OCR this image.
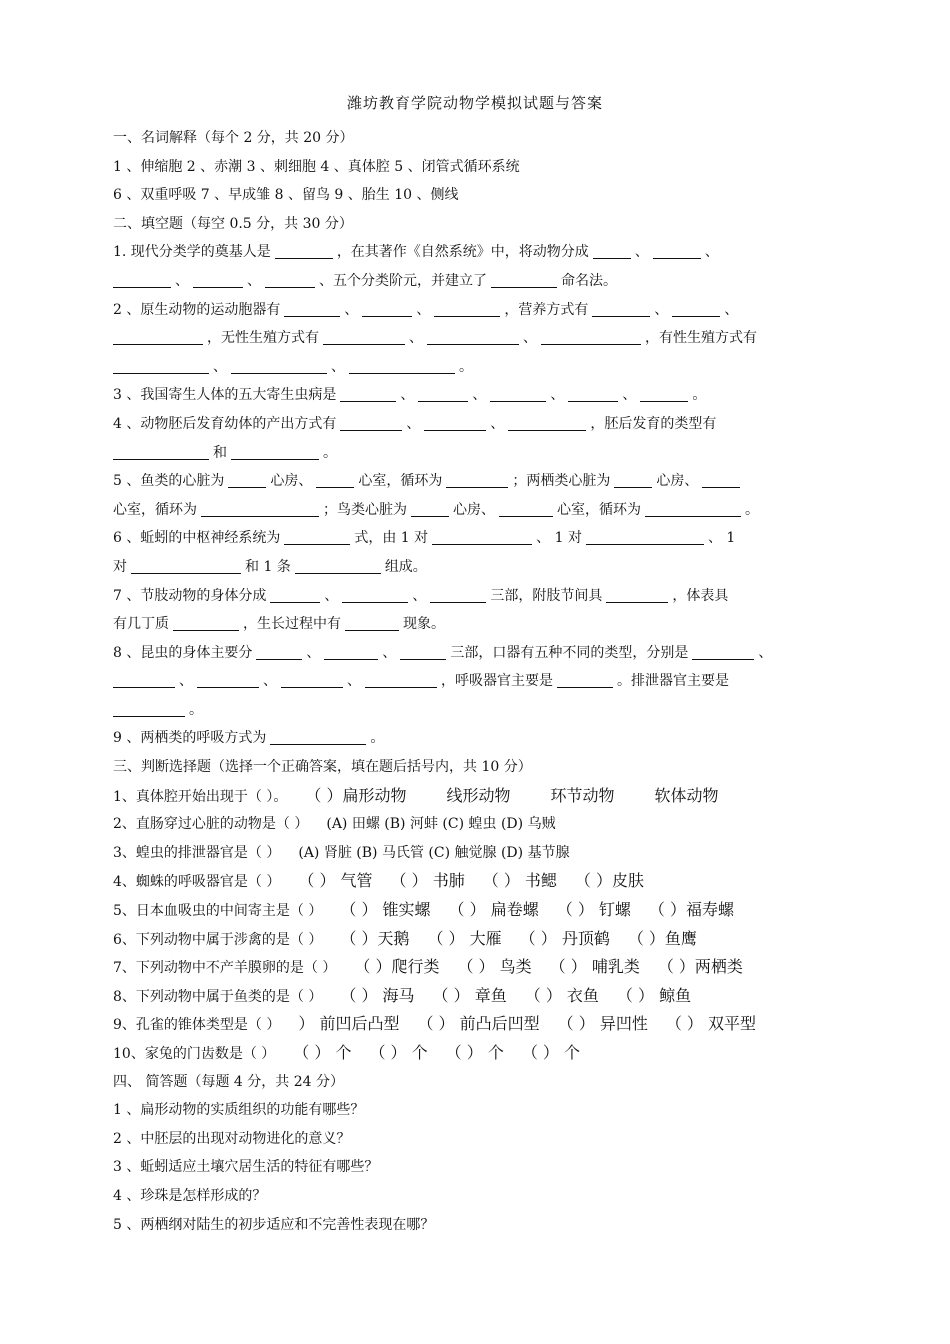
潍坊教育学院动物学模拟试题与答案
一、名词解释（每个 2 分，共 20 分）
1 、伸缩胞 2 、赤潮 3 、刺细胞 4 、真体腔 5 、闭管式循环系统
6 、双重呼吸 7 、早成雏 8 、留鸟 9 、胎生 10 、侧线
二、填空题（每空 0.5 分，共 30 分）
1. 现代分类学的奠基人是	，在其著作《自然系统》中，将动物分成	、	、
、	、	、五个分类阶元，并建立了	命名法。
2 、原生动物的运动胞器有	、	、	，营养方式有	、	、
，无性生殖方式有	、	、	，有性生殖方式有
、	、	。
3 、我国寄生人体的五大寄生虫病是	、	、	、	、	。
4 、动物胚后发育幼体的产出方式有	、	、	，胚后发育的类型有
和	。
5 、鱼类的心脏为	心房、	心室，循环为	；两栖类心脏为	心房、
心室，循环为	；鸟类心脏为	心房、	心室，循环为	。
6 、蚯蚓的中枢神经系统为	式，由 1 对	、 1 对	、 1
对	和 1 条	组成。
7 、节肢动物的身体分成	、	、	三部，附肢节间具	，体表具
有几丁质	，生长过程中有	现象。
8 、昆虫的身体主要分	、	、	三部，口器有五种不同的类型，分别是	、
、	、	、	，呼吸器官主要是	。排泄器官主要是
。
9 、两栖类的呼吸方式为	。
三、判断选择题（选择一个正确答案，填在题后括号内，共 10 分）
1、真体腔开始出现于（ ）。 （ ）扁形动物	线形动物	环节动物	软体动物
2、直肠穿过心脏的动物是（ ） (A) 田螺 (B) 河蚌 (C) 蝗虫 (D) 乌贼
3、蝗虫的排泄器官是（ ） (A) 肾脏 (B) 马氏管 (C) 触觉腺 (D) 基节腺
4、蜘蛛的呼吸器官是（ ） （ ） 气管 （ ） 书肺 （ ） 书鳃 （ ）皮肤
5、日本血吸虫的中间寄主是（ ） （ ） 锥实螺 （ ） 扁卷螺 （ ） 钉螺 （ ）福寿螺
6、下列动物中属于涉禽的是（ ） （ ）天鹅 （ ） 大雁 （ ） 丹顶鹤 （ ）鱼鹰
7、下列动物中不产羊膜卵的是（ ） （ ）爬行类 （ ） 鸟类 （ ） 哺乳类 （ ）两栖类
8、下列动物中属于鱼类的是（ ） （ ） 海马 （ ） 章鱼 （ ） 衣鱼 （ ） 鲸鱼
9、孔雀的锥体类型是（ ） ） 前凹后凸型 （ ） 前凸后凹型 （ ） 异凹性 （ ） 双平型
10、家兔的门齿数是（ ） （ ） 个 （ ） 个 （ ） 个 （ ） 个
四、 简答题（每题 4 分，共 24 分）
1 、扁形动物的实质组织的功能有哪些？
2 、中胚层的出现对动物进化的意义？
3 、蚯蚓适应土壤穴居生活的特征有哪些？
4 、珍珠是怎样形成的？
5 、两栖纲对陆生的初步适应和不完善性表现在哪？
